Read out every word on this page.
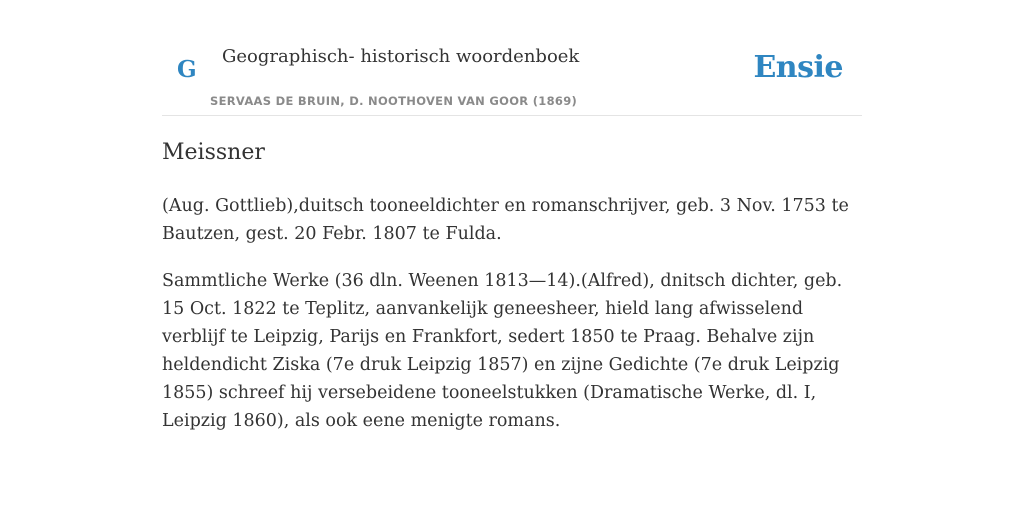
G Geographisch- historisch woordenboek
SERVAAS DE BRUIN, D. NOOTHOVEN VAN GOOR (1869)
Ensie
Meissner

(Aug. Gottlieb),duitsch tooneeldichter en romanschrijver, geb. 3 Nov. 1753 te Bautzen, gest. 20 Febr. 1807 te Fulda.

Sammtliche Werke (36 dln. Weenen 1813—14).(Alfred), dnitsch dichter, geb. 15 Oct. 1822 te Teplitz, aanvankelijk geneesheer, hield lang afwisselend verblijf te Leipzig, Parijs en Frankfort, sedert 1850 te Praag. Behalve zijn heldendicht Ziska (7e druk Leipzig 1857) en zijne Gedichte (7e druk Leipzig 1855) schreef hij versebeidene tooneelstukken (Dramatische Werke, dl. I, Leipzig 1860), als ook eene menigte romans.
